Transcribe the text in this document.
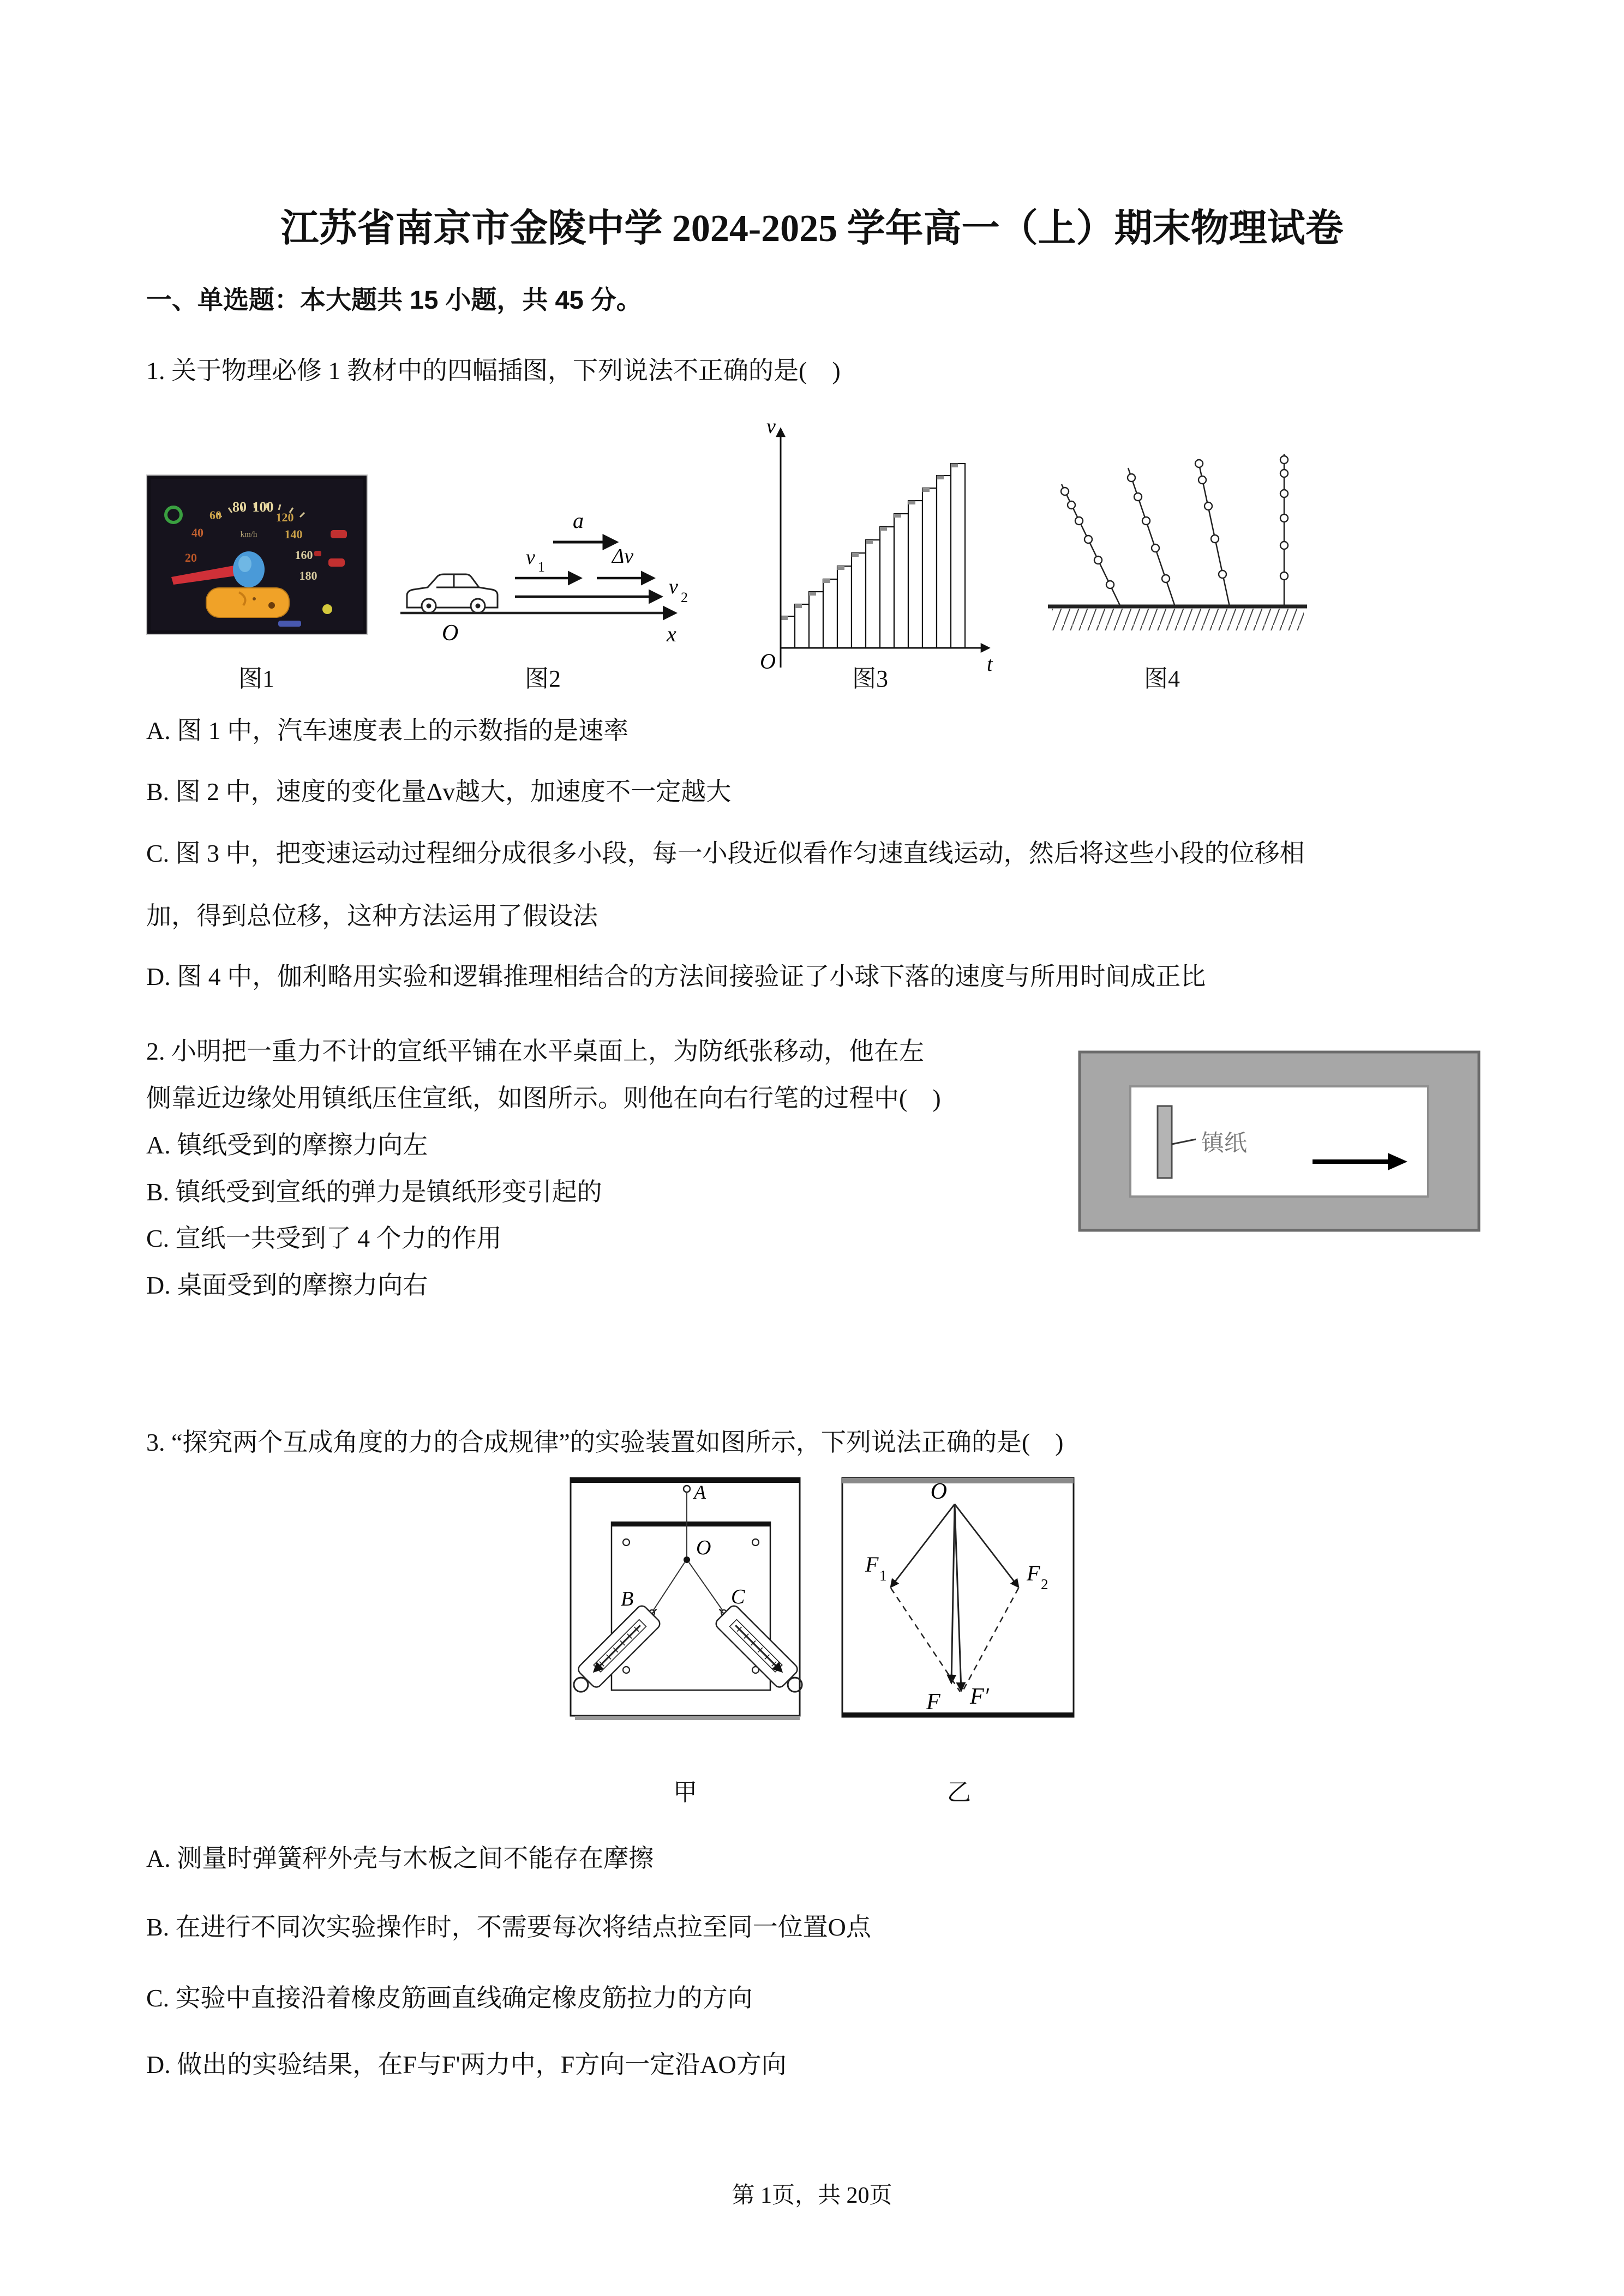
江苏省南京市金陵中学 2024-2025 学年高一（上）期末物理试卷
一、单选题：本大题共 15 小题，共 45 分。
1. 关于物理必修 1 教材中的四幅插图，下列说法不正确的是(　)
20
40
60
80 100
120
140
160
180
km/h
a
v 1	Δv
v 2
O	x
v
t
O
图1	图2	图3	图4
A. 图 1 中，汽车速度表上的示数指的是速率
B. 图 2 中，速度的变化量Δv越大，加速度不一定越大
C. 图 3 中，把变速运动过程细分成很多小段，每一小段近似看作匀速直线运动，然后将这些小段的位移相
加，得到总位移，这种方法运用了假设法
D. 图 4 中，伽利略用实验和逻辑推理相结合的方法间接验证了小球下落的速度与所用时间成正比
2. 小明把一重力不计的宣纸平铺在水平桌面上，为防纸张移动，他在左
侧靠近边缘处用镇纸压住宣纸，如图所示。则他在向右行笔的过程中(　)
A. 镇纸受到的摩擦力向左
B. 镇纸受到宣纸的弹力是镇纸形变引起的
C. 宣纸一共受到了 4 个力的作用
D. 桌面受到的摩擦力向右
镇纸
3. “探究两个互成角度的力的合成规律”的实验装置如图所示，下列说法正确的是(　)
A
O
B	C
O
F 1	F 2
F F′
甲	乙
A. 测量时弹簧秤外壳与木板之间不能存在摩擦
B. 在进行不同次实验操作时，不需要每次将结点拉至同一位置O点
C. 实验中直接沿着橡皮筋画直线确定橡皮筋拉力的方向
D. 做出的实验结果，在F与F'两力中，F方向一定沿AO方向
第 1页，共 20页
